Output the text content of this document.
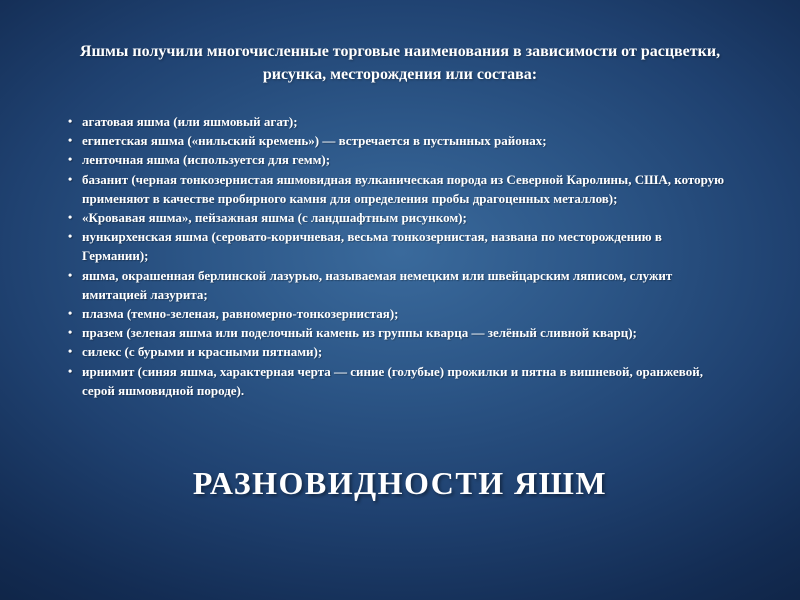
Яшмы получили многочисленные торговые наименования в зависимости от расцветки, рисунка, месторождения или состава:
• агатовая яшма (или яшмовый агат);
• египетская яшма («нильский кремень») — встречается в пустынных районах;
• ленточная яшма (используется для гемм);
• базанит (черная тонкозернистая яшмовидная вулканическая порода из Северной Каролины, США, которую применяют в качестве пробирного камня для определения пробы драгоценных металлов);
• «Кровавая яшма», пейзажная яшма (с ландшафтным рисунком);
• нункирхенская яшма (серовато-коричневая, весьма тонкозернистая, названа по месторождению в Германии);
• яшма, окрашенная берлинской лазурью, называемая немецким или швейцарским ляписом, служит имитацией лазурита;
• плазма (темно-зеленая, равномерно-тонкозернистая);
• празем (зеленая яшма или поделочный камень из группы кварца — зелёный сливной кварц);
• силекс (с бурыми и красными пятнами);
• ирнимит (синяя яшма, характерная черта — синие (голубые) прожилки и пятна в вишневой, оранжевой, серой яшмовидной породе).
РАЗНОВИДНОСТИ ЯШМ
